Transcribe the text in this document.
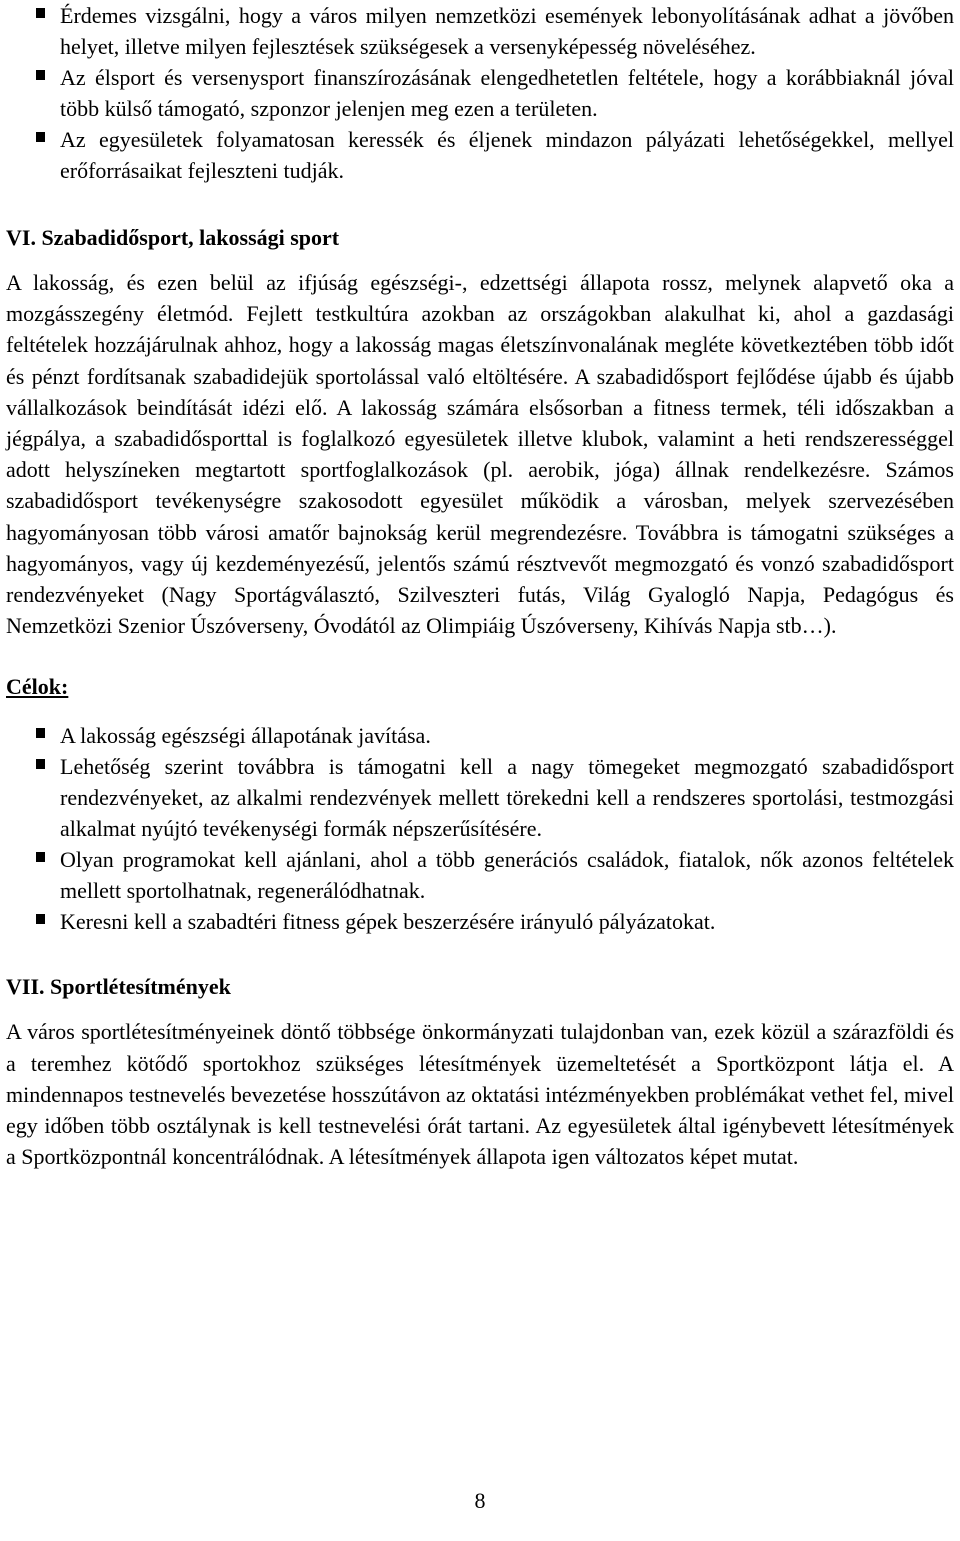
Érdemes vizsgálni, hogy a város milyen nemzetközi események lebonyolításának adhat a jövőben helyet, illetve milyen fejlesztések szükségesek a versenyképesség növeléséhez.
Az élsport és versenysport finanszírozásának elengedhetetlen feltétele, hogy a korábbiaknál jóval több külső támogató, szponzor jelenjen meg ezen a területen.
Az egyesületek folyamatosan keressék és éljenek mindazon pályázati lehetőségekkel, mellyel erőforrásaikat fejleszteni tudják.
VI. Szabadidősport, lakossági sport

A lakosság, és ezen belül az ifjúság egészségi-, edzettségi állapota rossz, melynek alapvető oka a mozgásszegény életmód. Fejlett testkultúra azokban az országokban alakulhat ki, ahol a gazdasági feltételek hozzájárulnak ahhoz, hogy a lakosság magas életszínvonalának megléte következtében több időt és pénzt fordítsanak szabadidejük sportolással való eltöltésére. A szabadidősport fejlődése újabb és újabb vállalkozások beindítását idézi elő. A lakosság számára elsősorban a fitness termek, téli időszakban a jégpálya, a szabadidősporttal is foglalkozó egyesületek illetve klubok, valamint a heti rendszerességgel adott helyszíneken megtartott sportfoglalkozások (pl. aerobik, jóga) állnak rendelkezésre. Számos szabadidősport tevékenységre szakosodott egyesület működik a városban, melyek szervezésében hagyományosan több városi amatőr bajnokság kerül megrendezésre. Továbbra is támogatni szükséges a hagyományos, vagy új kezdeményezésű, jelentős számú résztvevőt megmozgató és vonzó szabadidősport rendezvényeket (Nagy Sportágválasztó, Szilveszteri futás, Világ Gyalogló Napja, Pedagógus és Nemzetközi Szenior Úszóverseny, Óvodától az Olimpiáig Úszóverseny, Kihívás Napja stb…).

Célok:

A lakosság egészségi állapotának javítása.
Lehetőség szerint továbbra is támogatni kell a nagy tömegeket megmozgató szabadidősport rendezvényeket, az alkalmi rendezvények mellett törekedni kell a rendszeres sportolási, testmozgási alkalmat nyújtó tevékenységi formák népszerűsítésére.
Olyan programokat kell ajánlani, ahol a több generációs családok, fiatalok, nők azonos feltételek mellett sportolhatnak, regenerálódhatnak.
Keresni kell a szabadtéri fitness gépek beszerzésére irányuló pályázatokat.
VII. Sportlétesítmények

A város sportlétesítményeinek döntő többsége önkormányzati tulajdonban van, ezek közül a szárazföldi és a teremhez kötődő sportokhoz szükséges létesítmények üzemeltetését a Sportközpont látja el. A mindennapos testnevelés bevezetése hosszútávon az oktatási intézményekben problémákat vethet fel, mivel egy időben több osztálynak is kell testnevelési órát tartani. Az egyesületek által igénybevett létesítmények a Sportközpontnál koncentrálódnak. A létesítmények állapota igen változatos képet mutat.

8
